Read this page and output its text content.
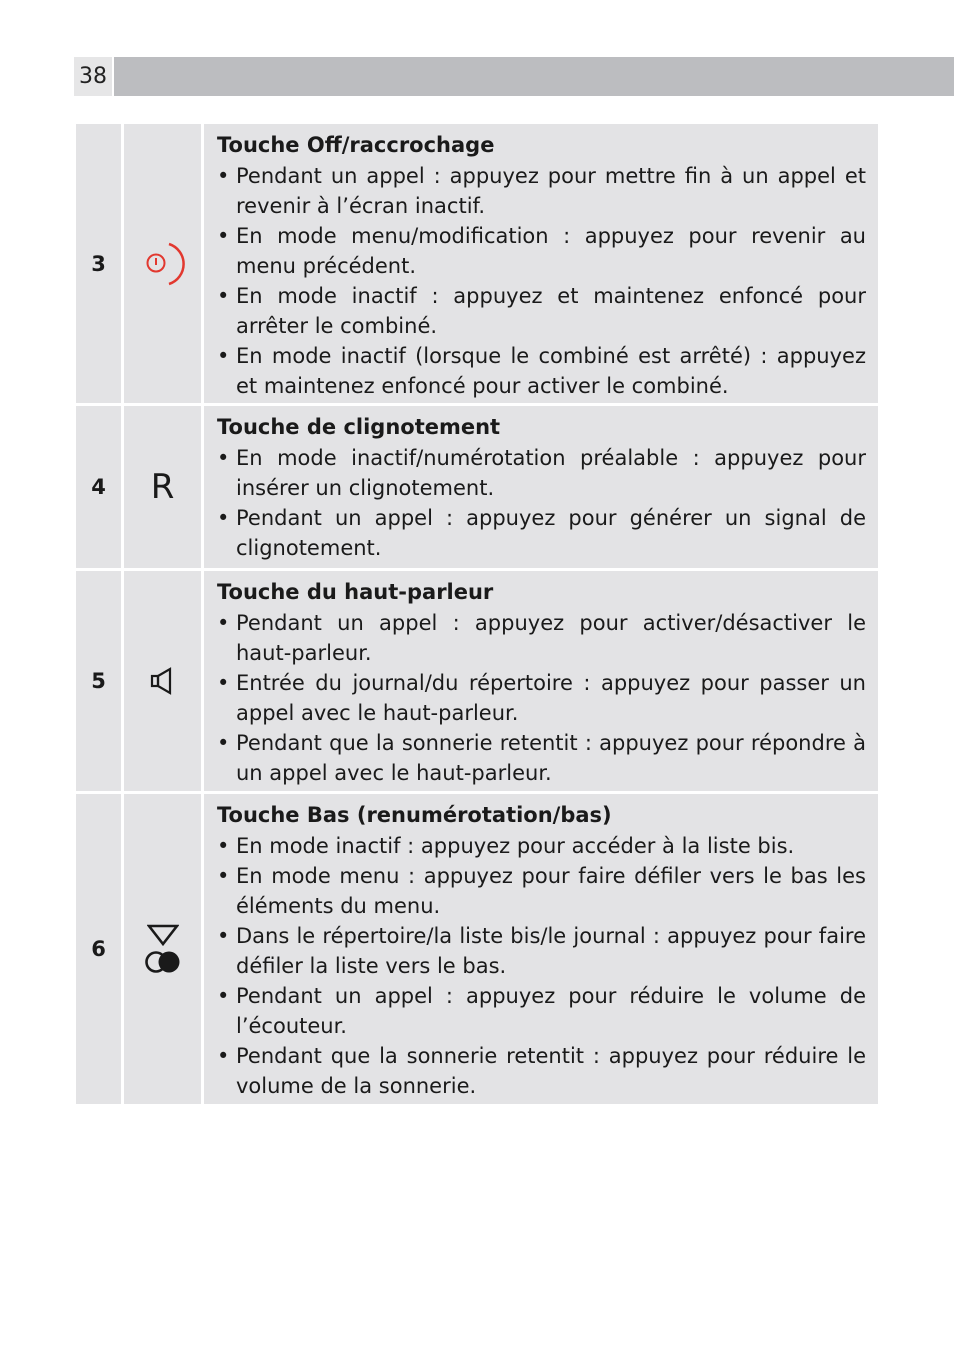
38
3
Touche Off/raccrochage
• Pendant un appel : appuyez pour mettre fin à un appel et revenir à l’écran inactif.
• En mode menu/modification : appuyez pour revenir au menu précédent.
• En mode inactif : appuyez et maintenez enfoncé pour arrêter le combiné.
• En mode inactif (lorsque le combiné est arrêté) : appuyez et maintenez enfoncé pour activer le combiné.
4	R
Touche de clignotement
• En mode inactif/numérotation préalable : appuyez pour insérer un clignotement.
• Pendant un appel : appuyez pour générer un signal de clignotement.
5
Touche du haut-parleur
• Pendant un appel : appuyez pour activer/désactiver le haut-parleur.
• Entrée du journal/du répertoire : appuyez pour passer un appel avec le haut-parleur.
• Pendant que la sonnerie retentit : appuyez pour répondre à un appel avec le haut-parleur.
6
Touche Bas (renumérotation/bas)
• En mode inactif : appuyez pour accéder à la liste bis.
• En mode menu : appuyez pour faire défiler vers le bas les éléments du menu.
• Dans le répertoire/la liste bis/le journal : appuyez pour faire défiler la liste vers le bas.
• Pendant un appel : appuyez pour réduire le volume de l’écouteur.
• Pendant que la sonnerie retentit : appuyez pour réduire le volume de la sonnerie.
